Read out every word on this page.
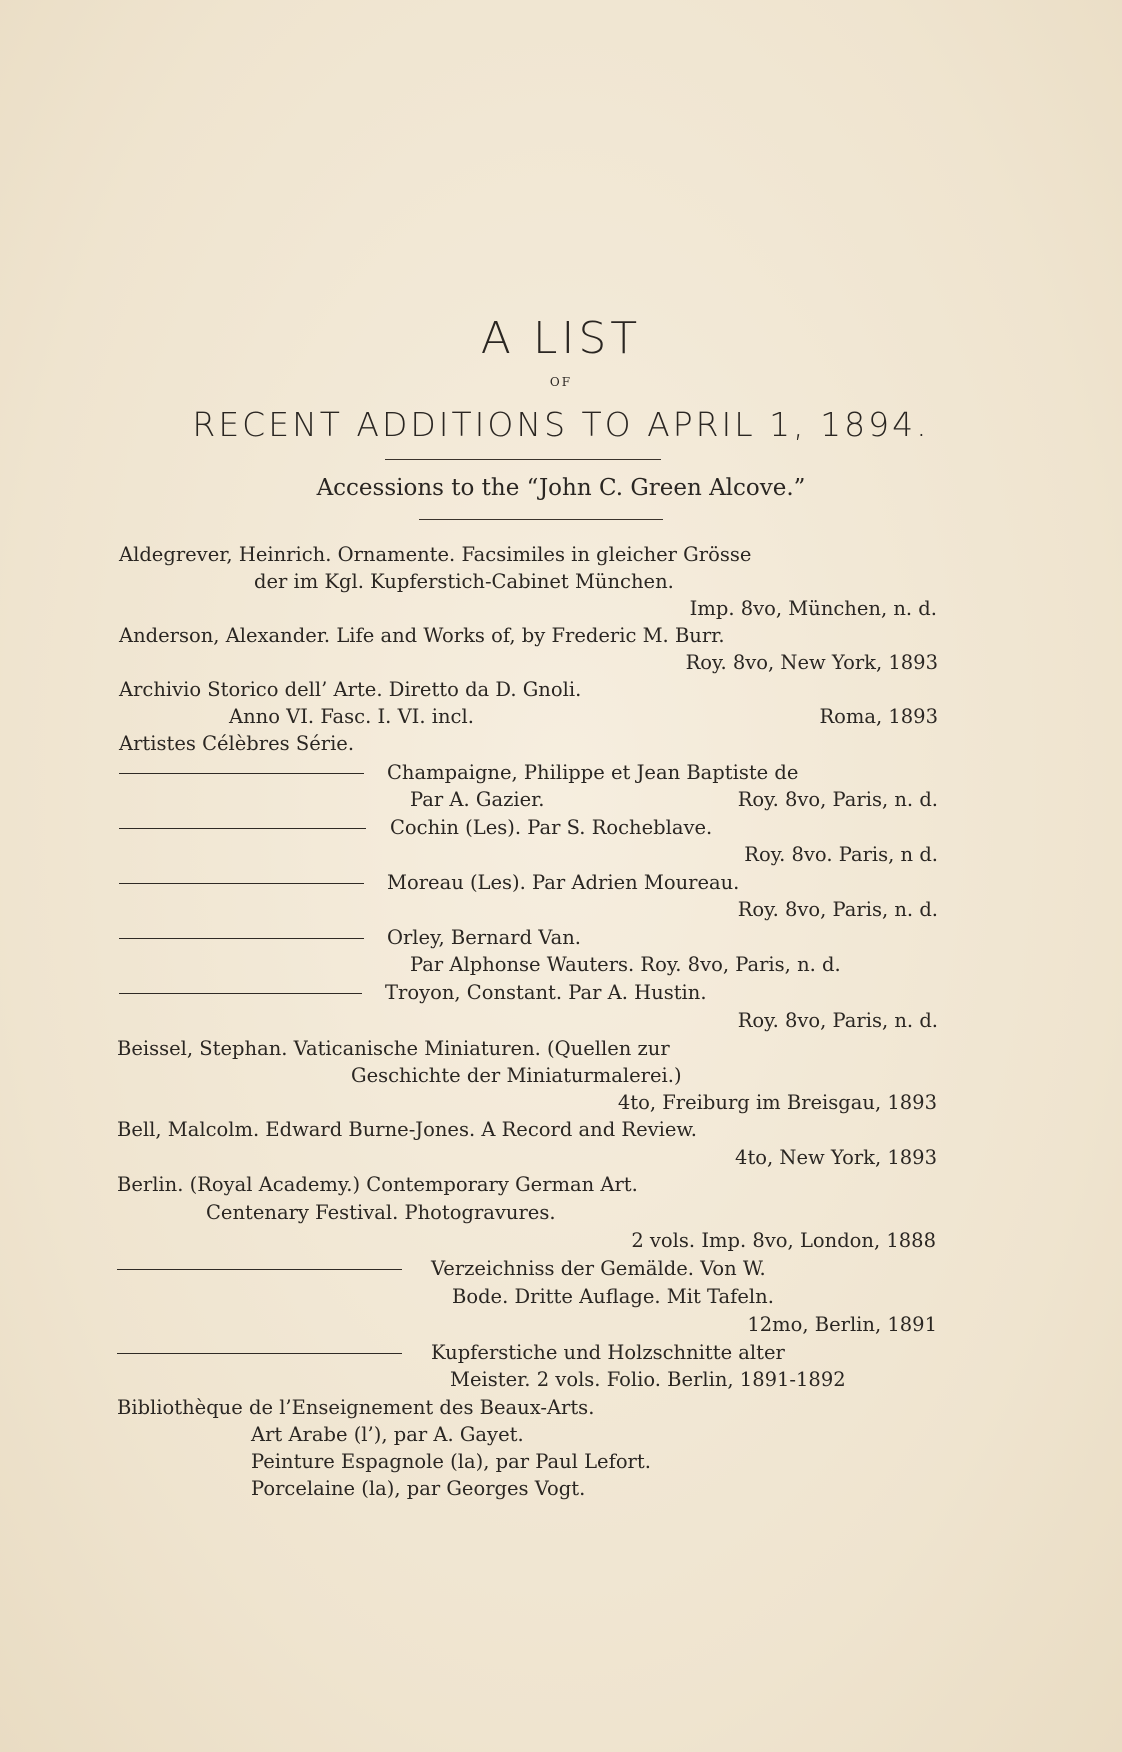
A LIST
OF
RECENT ADDITIONS TO APRIL 1, 1894.
Accessions to the “John C. Green Alcove.”
Aldegrever, Heinrich. Ornamente. Facsimiles in gleicher Grösse
der im Kgl. Kupferstich-Cabinet München.
Imp. 8vo, München, n. d.
Anderson, Alexander. Life and Works of, by Frederic M. Burr.
Roy. 8vo, New York, 1893
Archivio Storico dell’ Arte. Diretto da D. Gnoli.
Anno VI. Fasc. I. VI. incl.	Roma, 1893
Artistes Célèbres Série.
Champaigne, Philippe et Jean Baptiste de
Par A. Gazier.	Roy. 8vo, Paris, n. d.
Cochin (Les). Par S. Rocheblave.
Roy. 8vo. Paris, n d.
Moreau (Les). Par Adrien Moureau.
Roy. 8vo, Paris, n. d.
Orley, Bernard Van.
Par Alphonse Wauters. Roy. 8vo, Paris, n. d.
Troyon, Constant. Par A. Hustin.
Roy. 8vo, Paris, n. d.
Beissel, Stephan. Vaticanische Miniaturen. (Quellen zur
Geschichte der Miniaturmalerei.)
4to, Freiburg im Breisgau, 1893
Bell, Malcolm. Edward Burne-Jones. A Record and Review.
4to, New York, 1893
Berlin. (Royal Academy.) Contemporary German Art.
Centenary Festival. Photogravures.
2 vols. Imp. 8vo, London, 1888
Verzeichniss der Gemälde. Von W.
Bode. Dritte Auflage. Mit Tafeln.
12mo, Berlin, 1891
Kupferstiche und Holzschnitte alter
Meister. 2 vols. Folio. Berlin, 1891-1892
Bibliothèque de l’Enseignement des Beaux-Arts.
Art Arabe (l’), par A. Gayet.
Peinture Espagnole (la), par Paul Lefort.
Porcelaine (la), par Georges Vogt.
